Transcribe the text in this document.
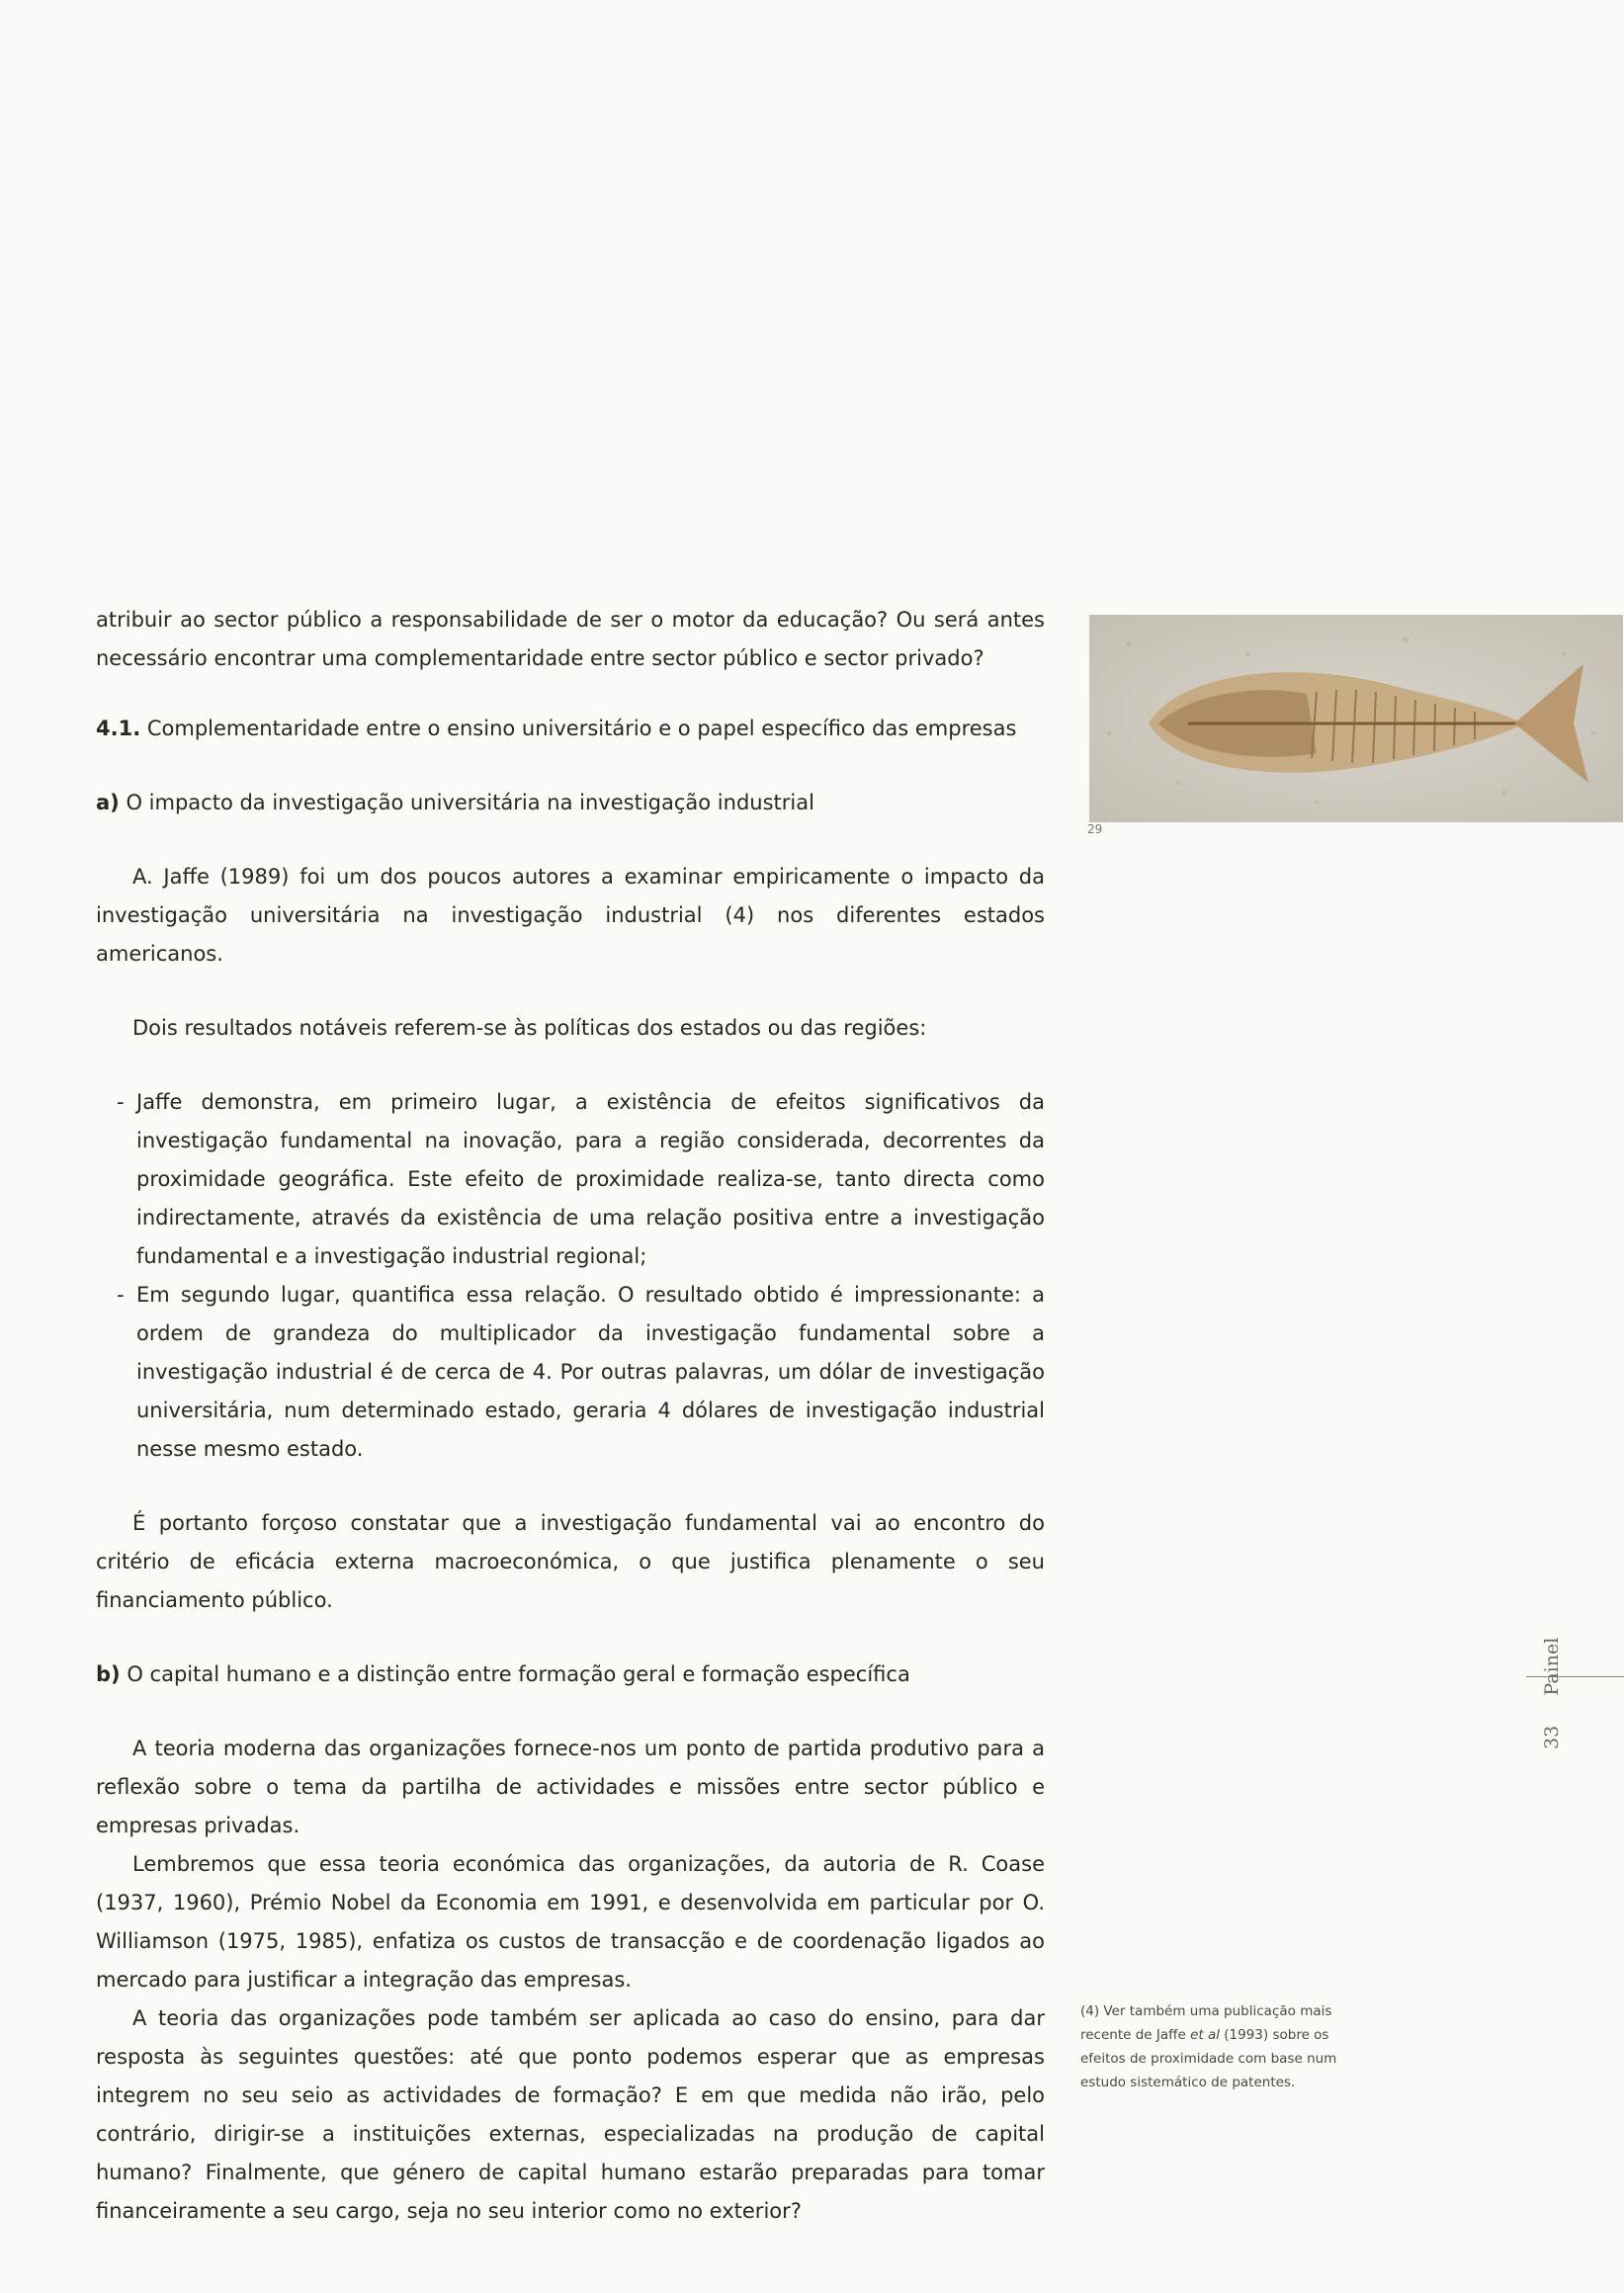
atribuir ao sector público a responsabilidade de ser o motor da educação? Ou será antes necessário encontrar uma complementaridade entre sector público e sector privado?

4.1. Complementaridade entre o ensino universitário e o papel específico das empresas

a) O impacto da investigação universitária na investigação industrial

A. Jaffe (1989) foi um dos poucos autores a examinar empiricamente o impacto da investigação universitária na investigação industrial (4) nos diferentes estados americanos.

Dois resultados notáveis referem-se às políticas dos estados ou das regiões:

- Jaffe demonstra, em primeiro lugar, a existência de efeitos significativos da investigação fundamental na inovação, para a região considerada, decorrentes da proximidade geográfica. Este efeito de proximidade realiza-se, tanto directa como indirectamente, através da existência de uma relação positiva entre a investigação fundamental e a investigação industrial regional;
- Em segundo lugar, quantifica essa relação. O resultado obtido é impressionante: a ordem de grandeza do multiplicador da investigação fundamental sobre a investigação industrial é de cerca de 4. Por outras palavras, um dólar de investigação universitária, num determinado estado, geraria 4 dólares de investigação industrial nesse mesmo estado.

É portanto forçoso constatar que a investigação fundamental vai ao encontro do critério de eficácia externa macroeconómica, o que justifica plenamente o seu financiamento público.

b) O capital humano e a distinção entre formação geral e formação específica

A teoria moderna das organizações fornece-nos um ponto de partida produtivo para a reflexão sobre o tema da partilha de actividades e missões entre sector público e empresas privadas.

Lembremos que essa teoria económica das organizações, da autoria de R. Coase (1937, 1960), Prémio Nobel da Economia em 1991, e desenvolvida em particular por O. Williamson (1975, 1985), enfatiza os custos de transacção e de coordenação ligados ao mercado para justificar a integração das empresas.

A teoria das organizações pode também ser aplicada ao caso do ensino, para dar resposta às seguintes questões: até que ponto podemos esperar que as empresas integrem no seu seio as actividades de formação? E em que medida não irão, pelo contrário, dirigir-se a instituições externas, especializadas na produção de capital humano? Finalmente, que género de capital humano estarão preparadas para tomar financeiramente a seu cargo, seja no seu interior como no exterior?

29
33     Painel
(4) Ver também uma publicação mais recente de Jaffe et al (1993) sobre os efeitos de proximidade com base num estudo sistemático de patentes.
